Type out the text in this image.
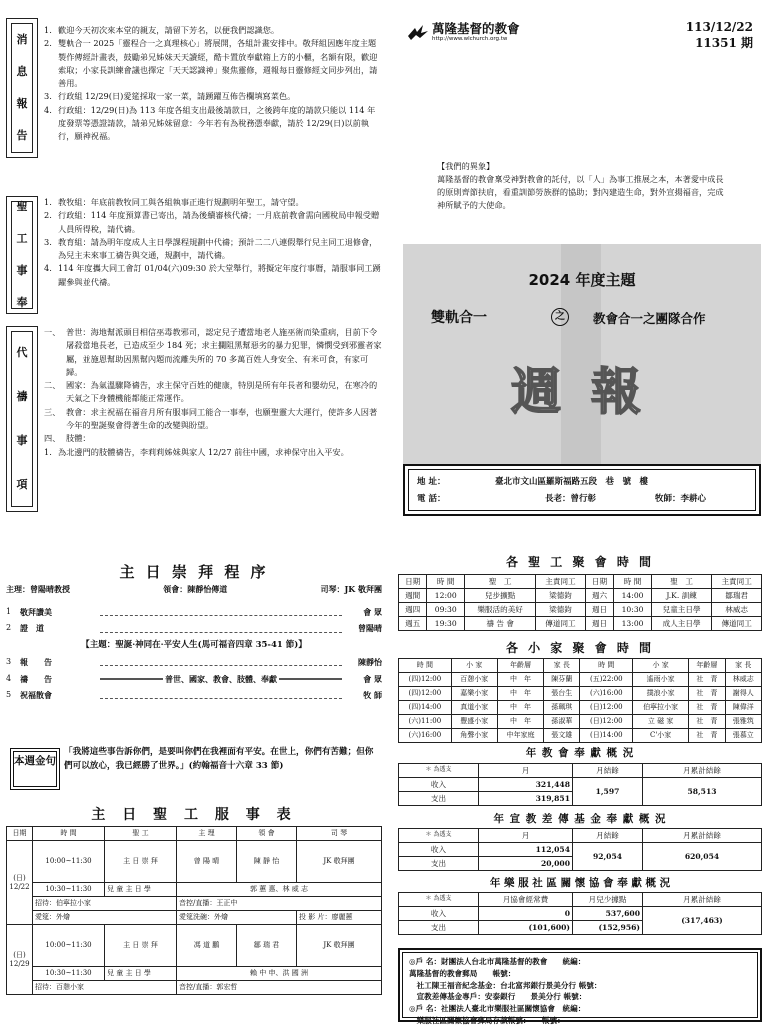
消
息
報
告
1. 歡迎今天初次來本堂的親友，請留下芳名，以便我們認識您。
2. 雙軌合一 2025「靈程合一之真理核心」將展開，各組計畫安排中。敬拜組因應年度主題製作傳經計畫表，鼓勵弟兄姊妹天天讀經，酷卡置放奉獻箱上方的小櫃，名額有限，歡迎索取；小家長訓練會議也擇定「天天認識神」聚焦靈修，週報每日靈修經文同步列出，請善用。
3. 行政組 12/29(日)愛筵採取一家一菜，請踴躍互佈告欄填寫菜色。
4. 行政組：12/29(日)為 113 年度各組支出最後請款日，之後跨年度的請款只能以 114 年度發票等憑證請款，請弟兄姊妹留意：今年若有為稅務憑奉獻，請於 12/29(日)以前執行，願神祝福。
聖
工
事
奉
1. 教牧組：年底前教牧同工與各組執事正進行規劃明年聖工，請守望。
2. 行政組：114 年度預算書已寄出，請為後續審核代禱；一月底前教會需向國稅局申報受贈人員所得稅，請代禱。
3. 教育組：請為明年度成人主日學課程規劃中代禱；預計二二八連假舉行兒主同工退修會，為兒主未來事工禱告與交通，規劃中，請代禱。
4. 114 年度攜大同工會訂 01/04(六)09:30 於大堂舉行，將擬定年度行事曆，請服事同工踴躍參與並代禱。
代
禱
事
項
一、 普世：海地幫派頭目相信巫毒教邪司，認定兒子遭當地老人施巫術而染重病，目前下令屠殺當地長老，已造成至少 184 死；求主攔阻黑幫惡劣的暴力犯罪，憐憫受到邪靈者家屬，並施恩幫助因黑幫內題而流離失所的 70 多萬百姓人身安全、有米可食，有家可歸。
二、 國家：為氣溫驟降禱告，求主保守百姓的健康，特別是所有年長者和嬰幼兒，在寒冷的天氣之下身體機能都能正常運作。
三、 教會：求主祝福在福音月所有服事同工能合一事奉，也願聖靈大大運行，使許多人因著今年的聖誕聚會得著生命的改變與盼望。
四、 肢體：
1. 為北邊門的肢體禱告，李莉莉姊妹與家人 12/27 前往中國，求神保守出入平安。
萬隆基督的教會
http://www.wlchurch.org.tw
113/12/22
11351 期
【我們的異象】
萬隆基督的教會稟受神對教會的託付，以「人」為事工推展之本，本著愛中成長的原則齊節扶肩，看重訓節勞族群的協助；對內建造生命，對外宣揚福音，完成神所賦予的大使命。
2024 年度主題
雙軌合一	之	教會合一之團隊合作
週報
地 址：	臺北市文山區羅斯福路五段　巷　號　樓
電 話：	長老：曾行彰	牧師：李耕心
主 日 崇 拜 程 序
主理：曾陽晴教授	領會：陳靜怡傳道	司琴：JK 敬拜團
1	敬拜讚美	會 眾
2	證　道	曾陽晴
【主題：聖誕·神同在·平安人生(馬可福音四章 35-41 節)】
3	報　　告	陳靜怡
4	禱　　告	普世、國家、教會、肢體、奉獻	會 眾
5	祝福散會	牧 師
本週金句
「我將這些事告訴你們，是要叫你們在我裡面有平安。在世上，你們有苦難；但你們可以放心，我已經勝了世界。」(約翰福音十六章 33 節)
主 日 聖 工 服 事 表
日期	時 間	聖 工	主 理	領 會	司 琴
(日)
12/22	10:00~11:30	主 日 崇 拜	曾 陽 晴	陳 靜 怡	JK 敬拜團
	10:30~11:30	兒 童 主 日 學	郭 蕙 惠、林 威 志		
	招待：伯寧拉小家		音控/直播：王正中		
	愛筵：外燴		愛筵洗碗：外燴		投 影 片：廖麗蕙
(日)
12/29	10:00~11:30	主 日 崇 拜	馮 道 鵬	鄒 瑞 君	JK 敬拜團
	10:30~11:30	兒 童 主 日 學	賴 中 申、洪 國 洲		
	招待：百憩小家		音控/直播：郭宏哲		
各 聖 工 聚 會 時 間
日期	時 間	聖　工	主責同工	日期	時 間	聖　工	主責同工
週間	12:00	兒步擴點	梁德鈞	週六	14:00	J.K. 訓練	鄒瑞君
週四	09:30	樂服活的美好	梁德鈞	週日	10:30	兒童主日學	林威志
週五	19:30	禱 告 會	傳道同工	週日	13:00	成人主日學	傳道同工
各 小 家 聚 會 時 間
時 間	小 家	年齡層	家 長	時 間	小 家	年齡層	家 長
(四)12:00	百憩小家	中　年	陳芬蘭	(五)22:00	遙雨小家	社　青	林威志
(四)12:00	嘉樂小家	中　年	張台生	(六)16:00	撲浪小家	社　青	謝得人
(四)14:00	真道小家	中　年	孫珮琪	(日)12:00	伯寧拉小家	社　青	陳偉洋
(六)11:00	豐盛小家	中　年	孫淑華	(日)12:00	立 磁 家	社　青	張雅筑
(六)16:00	角聲小家	中年家庭	張文雄	(日)14:00	C'小家	社　青	張慕立
年 教 會 奉 獻 概 況
＊ 為透支	月	月結餘	月累計結餘
收入	321,448	1,597	58,513
支出	319,851		
年 宣 教 差 傳 基 金 奉 獻 概 況
＊ 為透支	月	月結餘	月累計結餘
收入	112,054	92,054	620,054
支出	20,000		
年 樂 服 社 區 關 懷 協 會 奉 獻 概 況
＊ 為透支	月協會經常費	月兒少據點	月累計結餘
收入	0	537,600	(317,463)
支出	(101,600)	(152,956)	
◎戶 名：財團法人台北市萬隆基督的教會　　統編：
萬隆基督的教會郵局　　帳號：
　社工陳王福音紀念基金：台北富邦銀行景美分行 帳號：
　宣教差傳基金專戶：安泰銀行　　景美分行 帳號：
◎戶 名：社團法人臺北市樂服社區關懷協會　統編：
　樂服社區關懷協會郵局存款帳號：　　帳號：
